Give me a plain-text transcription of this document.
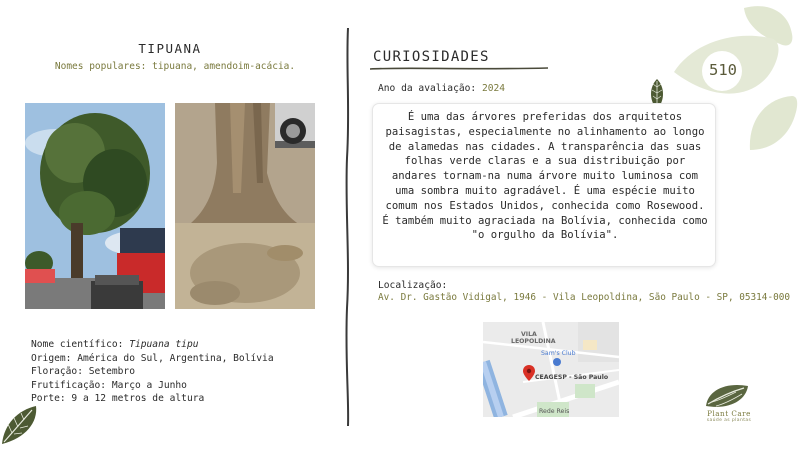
510
TIPUANA
Nomes populares: tipuana, amendoim-acácia.
Nome científico: Tipuana tipu
Origem: América do Sul, Argentina, Bolívia
Floração: Setembro
Frutificação: Março a Junho
Porte: 9 a 12 metros de altura
CURIOSIDADES
Ano da avaliação: 2024
É uma das árvores preferidas dos arquitetos paisagistas, especialmente no alinhamento ao longo de alamedas nas cidades. A transparência das suas folhas verde claras e a sua distribuição por andares tornam-na numa árvore muito luminosa com uma sombra muito agradável. É uma espécie muito comum nos Estados Unidos, conhecida como Rosewood. É também muito agraciada na Bolívia, conhecida como "o orgulho da Bolívia".
Localização:
Av. Dr. Gastão Vidigal, 1946 - Vila Leopoldina, São Paulo - SP, 05314-000
VILA
LEOPOLDINA
Sam's Club
CEAGESP - São Paulo
Rede Reis	Plant Care
saúde as plantas
